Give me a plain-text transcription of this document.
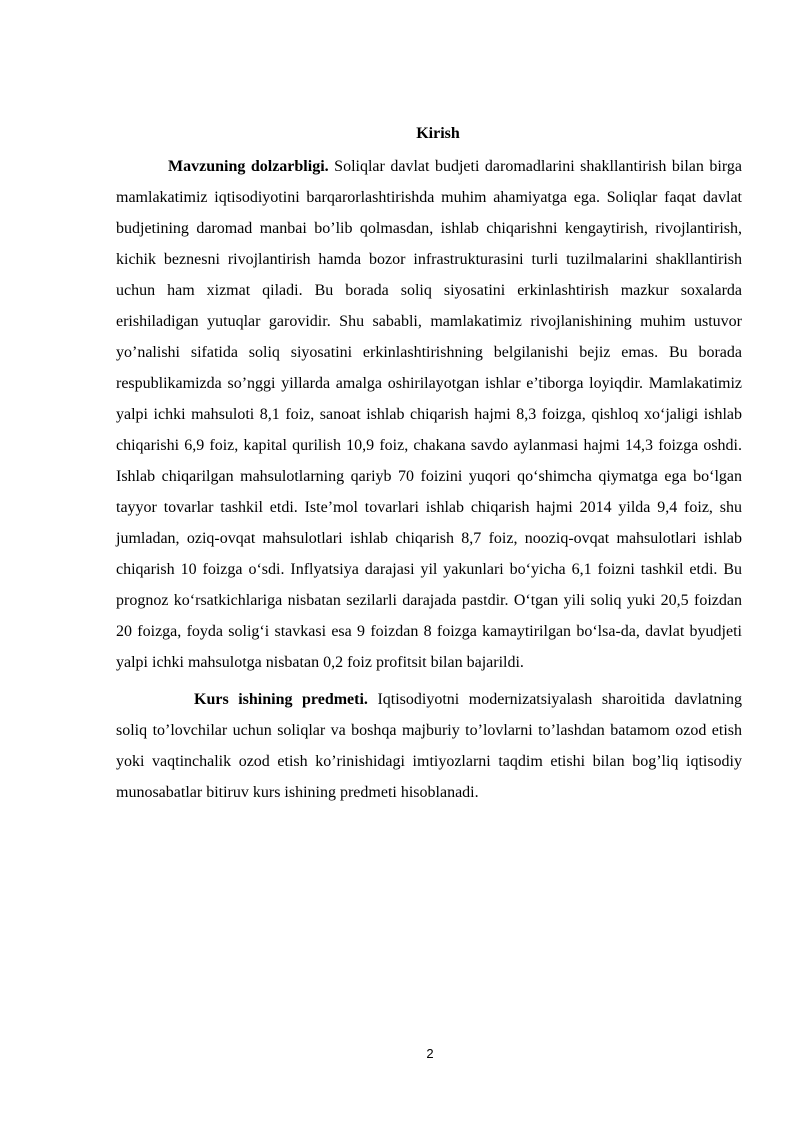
Kirish

Mavzuning dolzarbligi. Soliqlar davlat budjeti daromadlarini shakllantirish bilan birga mamlakatimiz iqtisodiyotini barqarorlashtirishda muhim ahamiyatga ega. Soliqlar faqat davlat budjetining daromad manbai bo’lib qolmasdan, ishlab chiqarishni kengaytirish, rivojlantirish, kichik beznesni rivojlantirish hamda bozor infrastrukturasini turli tuzilmalarini shakllantirish uchun ham xizmat qiladi. Bu borada soliq siyosatini erkinlashtirish mazkur soxalarda erishiladigan yutuqlar garovidir. Shu sababli, mamlakatimiz rivojlanishining muhim ustuvor yo’nalishi sifatida soliq siyosatini erkinlashtirishning belgilanishi bejiz emas. Bu borada respublikamizda so’nggi yillarda amalga oshirilayotgan ishlar e’tiborga loyiqdir. Mamlakatimiz yalpi ichki mahsuloti 8,1 foiz, sanoat ishlab chiqarish hajmi 8,3 foizga, qishloq xo‘jaligi ishlab chiqarishi 6,9 foiz, kapital qurilish 10,9 foiz, chakana savdo aylanmasi hajmi 14,3 foizga oshdi. Ishlab chiqarilgan mahsulotlarning qariyb 70 foizini yuqori qo‘shimcha qiymatga ega bo‘lgan tayyor tovarlar tashkil etdi. Iste’mol tovarlari ishlab chiqarish hajmi 2014 yilda 9,4 foiz, shu jumladan, oziq-ovqat mahsulotlari ishlab chiqarish 8,7 foiz, nooziq-ovqat mahsulotlari ishlab chiqarish 10 foizga o‘sdi. Inflyatsiya darajasi yil yakunlari bo‘yicha 6,1 foizni tashkil etdi. Bu prognoz ko‘rsatkichlariga nisbatan sezilarli darajada pastdir. O‘tgan yili soliq yuki 20,5 foizdan 20 foizga, foyda solig‘i stavkasi esa 9 foizdan 8 foizga kamaytirilgan bo‘lsa-da, davlat byudjeti yalpi ichki mahsulotga nisbatan 0,2 foiz profitsit bilan bajarildi.

Kurs ishining predmeti. Iqtisodiyotni modernizatsiyalash sharoitida davlatning soliq to’lovchilar uchun soliqlar va boshqa majburiy to’lovlarni to’lashdan batamom ozod etish yoki vaqtinchalik ozod etish ko’rinishidagi imtiyozlarni taqdim etishi bilan bog’liq iqtisodiy munosabatlar bitiruv kurs ishining predmeti hisoblanadi.

2
